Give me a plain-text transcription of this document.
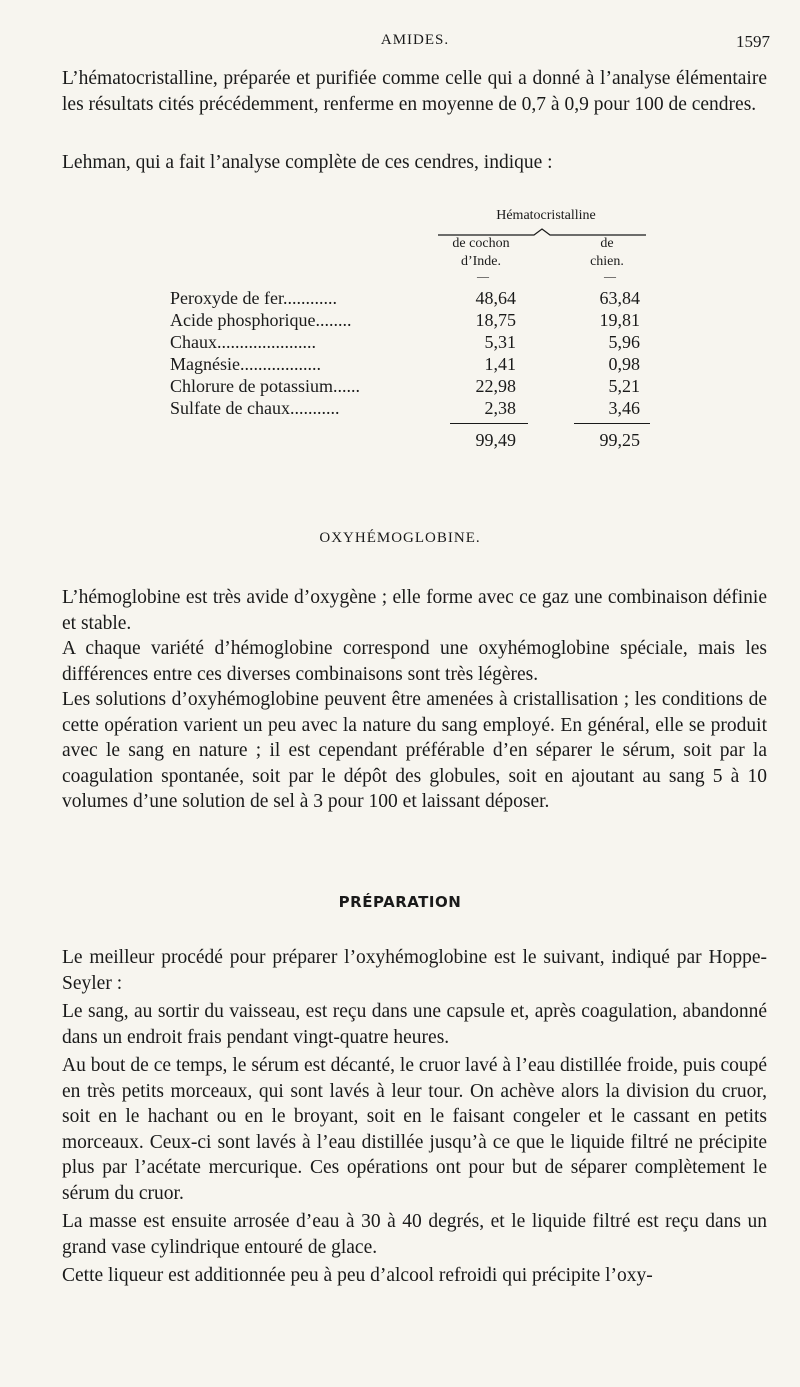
AMIDES.	1597

L’hématocristalline, préparée et purifiée comme celle qui a donné à l’analyse élémentaire les résultats cités précédemment, renferme en moyenne de 0,7 à 0,9 pour 100 de cendres.

Lehman, qui a fait l’analyse complète de ces cendres, indique :

Hématocristalline
de cochon
d’Inde.
de
chien.
—	—
Peroxyde de fer............	48,64	63,84
Acide phosphorique........	18,75	19,81
Chaux......................	5,31	5,96
Magnésie..................	1,41	0,98
Chlorure de potassium......	22,98	5,21
Sulfate de chaux...........	2,38	3,46
99,49	99,25
OXYHÉMOGLOBINE.

L’hémoglobine est très avide d’oxygène ; elle forme avec ce gaz une combinaison définie et stable.

A chaque variété d’hémoglobine correspond une oxyhémoglobine spéciale, mais les différences entre ces diverses combinaisons sont très légères.

Les solutions d’oxyhémoglobine peuvent être amenées à cristallisation ; les conditions de cette opération varient un peu avec la nature du sang employé. En général, elle se produit avec le sang en nature ; il est cependant préférable d’en séparer le sérum, soit par la coagulation spontanée, soit par le dépôt des globules, soit en ajoutant au sang 5 à 10 volumes d’une solution de sel à 3 pour 100 et laissant déposer.

PRÉPARATION

Le meilleur procédé pour préparer l’oxyhémoglobine est le suivant, indiqué par Hoppe-Seyler :

Le sang, au sortir du vaisseau, est reçu dans une capsule et, après coagulation, abandonné dans un endroit frais pendant vingt-quatre heures.

Au bout de ce temps, le sérum est décanté, le cruor lavé à l’eau distillée froide, puis coupé en très petits morceaux, qui sont lavés à leur tour. On achève alors la division du cruor, soit en le hachant ou en le broyant, soit en le faisant congeler et le cassant en petits morceaux. Ceux-ci sont lavés à l’eau distillée jusqu’à ce que le liquide filtré ne précipite plus par l’acétate mercurique. Ces opérations ont pour but de séparer complètement le sérum du cruor.

La masse est ensuite arrosée d’eau à 30 à 40 degrés, et le liquide filtré est reçu dans un grand vase cylindrique entouré de glace.

Cette liqueur est additionnée peu à peu d’alcool refroidi qui précipite l’oxy-
